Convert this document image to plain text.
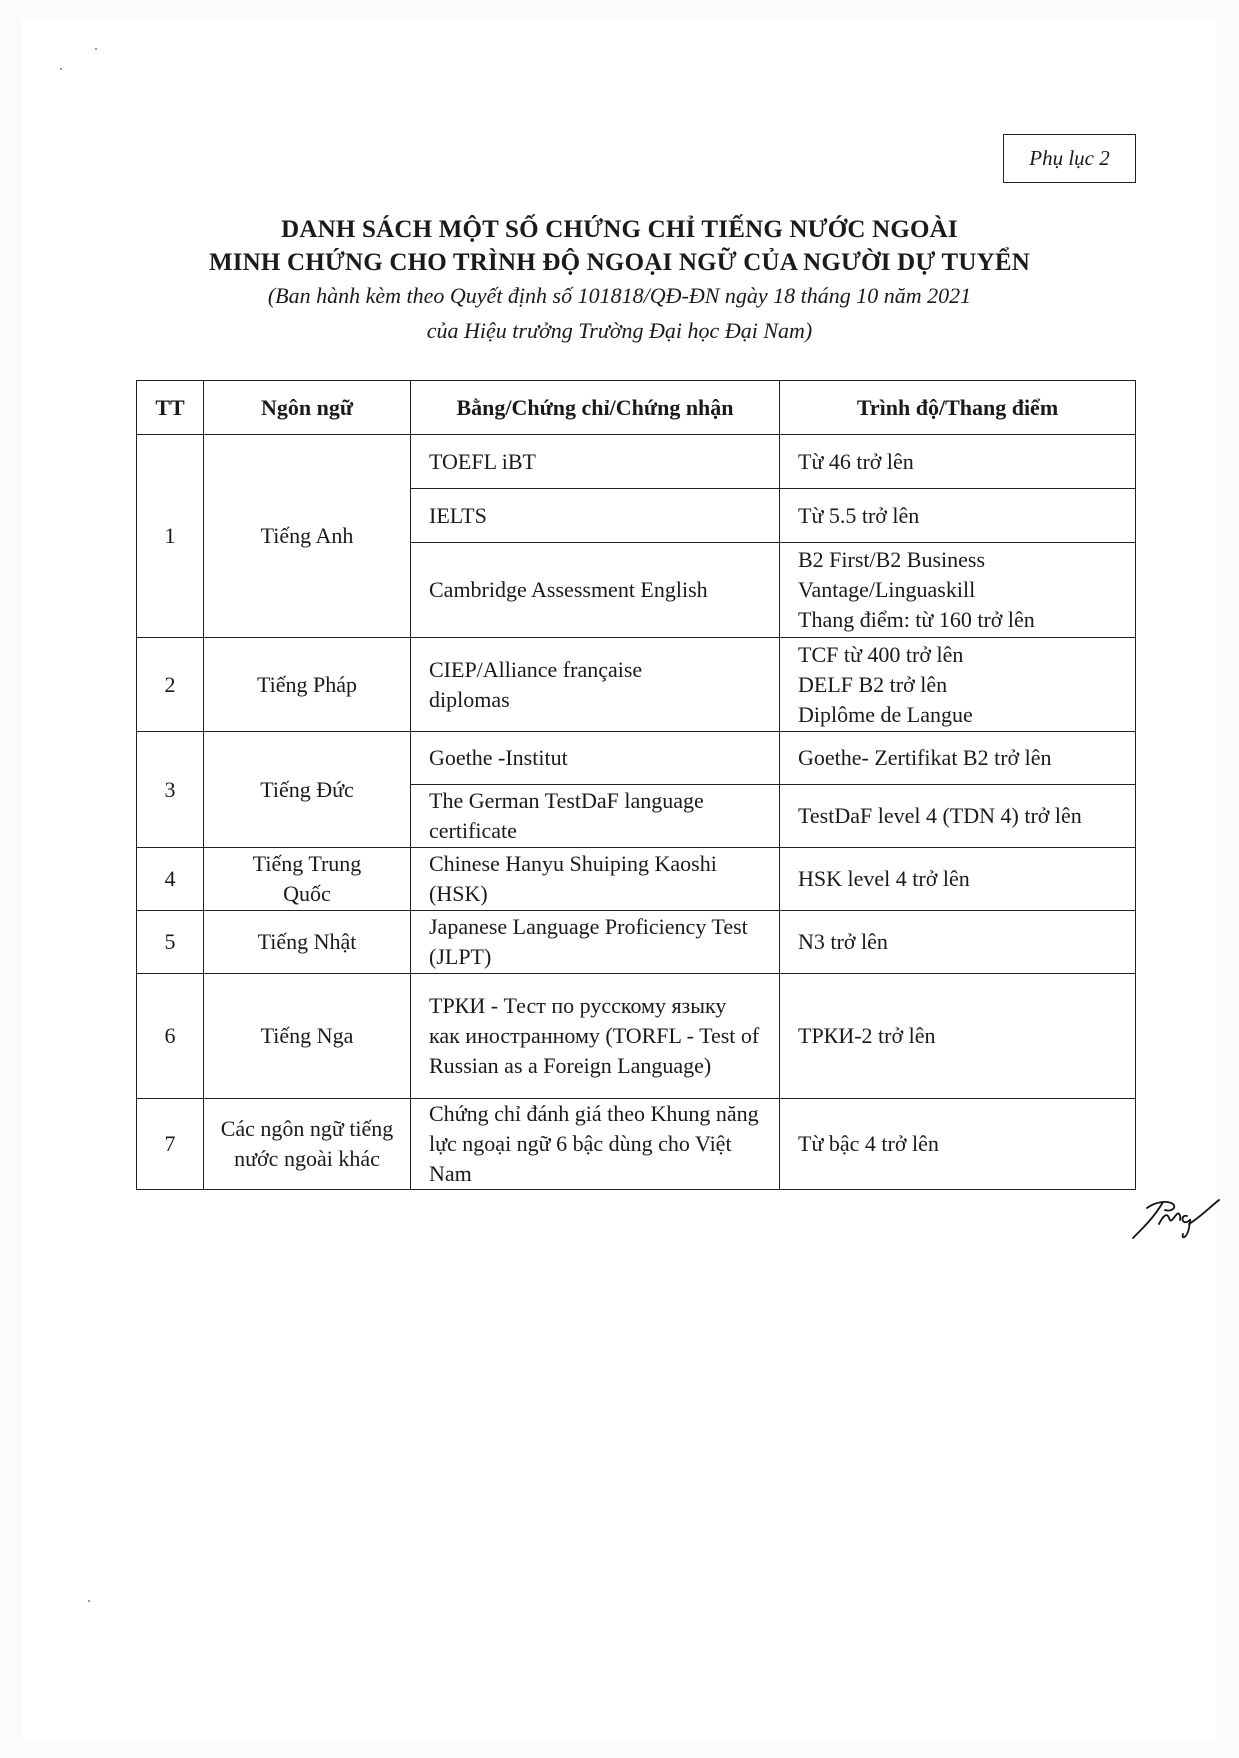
Phụ lục 2
DANH SÁCH MỘT SỐ CHỨNG CHỈ TIẾNG NƯỚC NGOÀI
MINH CHỨNG CHO TRÌNH ĐỘ NGOẠI NGỮ CỦA NGƯỜI DỰ TUYỂN
(Ban hành kèm theo Quyết định số 101818/QĐ-ĐN ngày 18 tháng 10 năm 2021
của Hiệu trưởng Trường Đại học Đại Nam)
TT	Ngôn ngữ	Bằng/Chứng chỉ/Chứng nhận	Trình độ/Thang điểm
1	Tiếng Anh	TOEFL iBT	Từ 46 trở lên
		IELTS	Từ 5.5 trở lên
		Cambridge Assessment English	B2 First/B2 Business
Vantage/Linguaskill
Thang điểm: từ 160 trở lên

2	Tiếng Pháp	CIEP/Alliance française diplomas	TCF từ 400 trở lên
DELF B2 trở lên
Diplôme de Langue

3	Tiếng Đức	Goethe -Institut	Goethe- Zertifikat B2 trở lên
		The German TestDaF language certificate	TestDaF level 4 (TDN 4) trở lên
4	Tiếng Trung Quốc	Chinese Hanyu Shuiping Kaoshi (HSK)	HSK level 4 trở lên
5	Tiếng Nhật	Japanese Language Proficiency Test (JLPT)	N3 trở lên
6	Tiếng Nga	ТРКИ - Тест по русскому языку как иностранному (TORFL - Test of Russian as a Foreign Language)	ТРКИ-2 trở lên
7	Các ngôn ngữ tiếng nước ngoài khác	Chứng chỉ đánh giá theo Khung năng lực ngoại ngữ 6 bậc dùng cho Việt Nam	Từ bậc 4 trở lên
